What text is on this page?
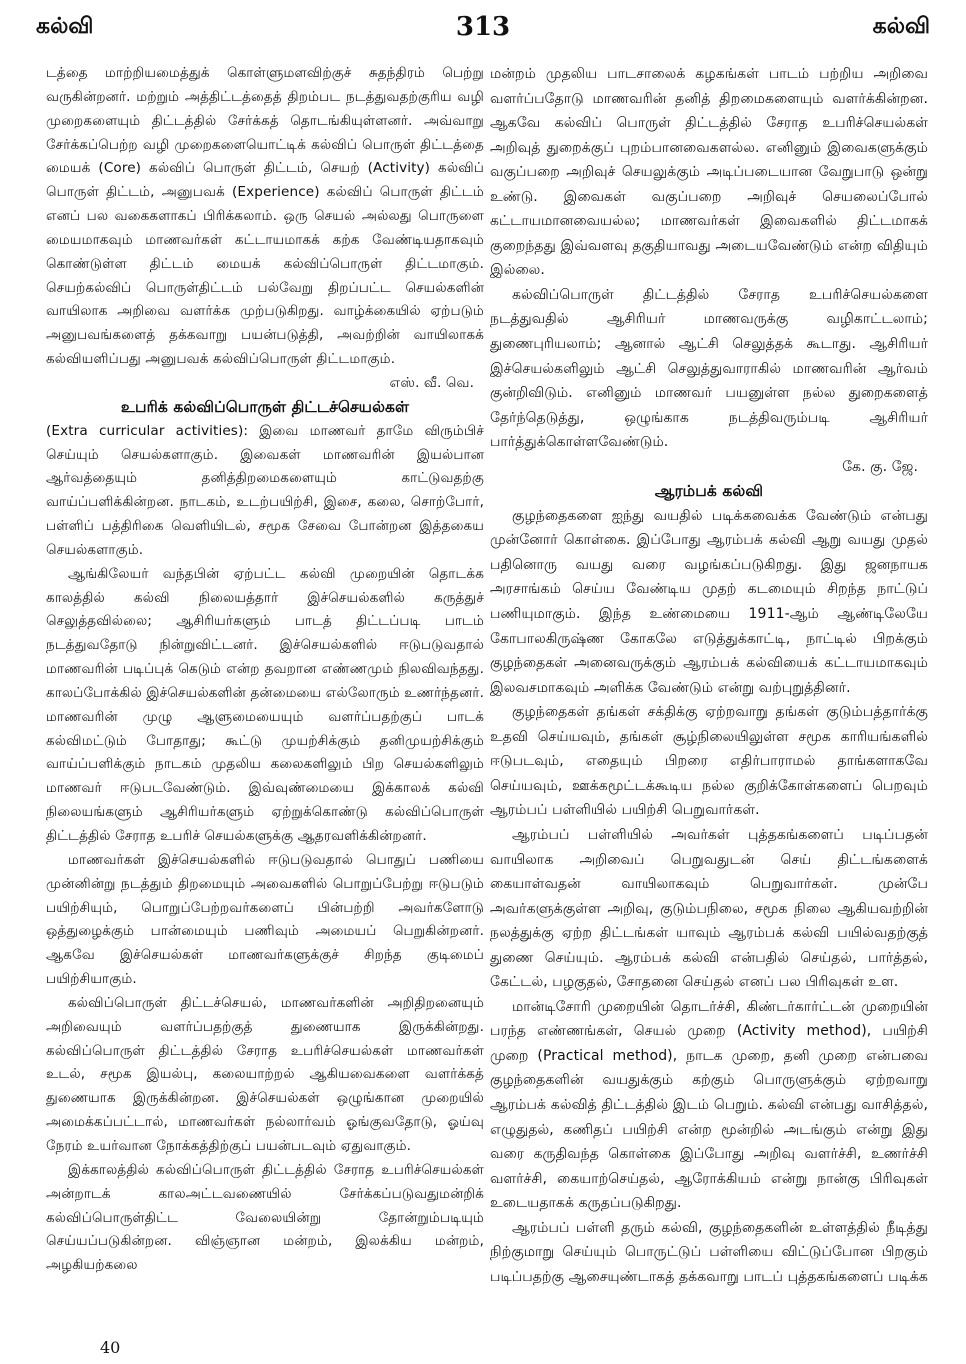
கல்வி	313	கல்வி

டத்தை மாற்றியமைத்துக் கொள்ளுமளவிற்குச் சுதந்திரம் பெற்று வருகின்றனர். மற்றும் அத்திட்டத்தைத் திறம்பட நடத்துவதற்குரிய வழி முறைகளையும் திட்டத்தில் சேர்க்கத் தொடங்கியுள்ளனர். அவ்வாறு சேர்க்கப்பெற்ற வழி முறைகளையொட்டிக் கல்விப் பொருள் திட்டத்தை மையக் (Core) கல்விப் பொருள் திட்டம், செயற் (Activity) கல்விப் பொருள் திட்டம், அனுபவக் (Experience) கல்விப் பொருள் திட்டம் எனப் பல வகைகளாகப் பிரிக்கலாம். ஒரு செயல் அல்லது பொருளை மையமாகவும் மாணவர்கள் கட்டாயமாகக் கற்க வேண்டியதாகவும் கொண்டுள்ள திட்டம் மையக் கல்விப்பொருள் திட்டமாகும். செயற்கல்விப் பொருள்திட்டம் பல்வேறு திறப்பட்ட செயல்களின் வாயிலாக அறிவை வளர்க்க முற்படுகிறது. வாழ்க்கையில் ஏற்படும் அனுபவங்களைத் தக்கவாறு பயன்படுத்தி, அவற்றின் வாயிலாகக் கல்வியளிப்பது அனுபவக் கல்விப்பொருள் திட்டமாகும்.

எஸ். வீ. வெ.

உபரிக் கல்விப்பொருள் திட்டச்செயல்கள்

(Extra curricular activities): இவை மாணவர் தாமே விரும்பிச் செய்யும் செயல்களாகும். இவைகள் மாணவரின் இயல்பான ஆர்வத்தையும் தனித்திறமைகளையும் காட்டுவதற்கு வாய்ப்பளிக்கின்றன. நாடகம், உடற்பயிற்சி, இசை, கலை, சொற்போர், பள்ளிப் பத்திரிகை வெளியிடல், சமூக சேவை போன்றன இத்தகைய செயல்களாகும்.

ஆங்கிலேயர் வந்தபின் ஏற்பட்ட கல்வி முறையின் தொடக்க காலத்தில் கல்வி நிலையத்தார் இச்செயல்களில் கருத்துச் செலுத்தவில்லை; ஆசிரியர்களும் பாடத் திட்டப்படி பாடம் நடத்துவதோடு நின்றுவிட்டனர். இச்செயல்களில் ஈடுபடுவதால் மாணவரின் படிப்புக் கெடும் என்ற தவறான எண்ணமும் நிலவிவந்தது. காலப்போக்கில் இச்செயல்களின் தன்மையை எல்லோரும் உணர்ந்தனர். மாணவரின் முழு ஆளுமையையும் வளர்ப்பதற்குப் பாடக் கல்விமட்டும் போதாது; கூட்டு முயற்சிக்கும் தனிமுயற்சிக்கும் வாய்ப்பளிக்கும் நாடகம் முதலிய கலைகளிலும் பிற செயல்களிலும் மாணவர் ஈடுபடவேண்டும். இவ்வுண்மையை இக்காலக் கல்வி நிலையங்களும் ஆசிரியர்களும் ஏற்றுக்கொண்டு கல்விப்பொருள் திட்டத்தில் சேராத உபரிச் செயல்களுக்கு ஆதரவளிக்கின்றனர்.

மாணவர்கள் இச்செயல்களில் ஈடுபடுவதால் பொதுப் பணியை முன்னின்று நடத்தும் திறமையும் அவைகளில் பொறுப்பேற்று ஈடுபடும் பயிற்சியும், பொறுப்பேற்றவர்களைப் பின்பற்றி அவர்களோடு ஒத்துழைக்கும் பான்மையும் பணிவும் அமையப் பெறுகின்றனர். ஆகவே இச்செயல்கள் மாணவர்களுக்குச் சிறந்த குடிமைப் பயிற்சியாகும்.

கல்விப்பொருள் திட்டச்செயல், மாணவர்களின் அறிதிறனையும் அறிவையும் வளர்ப்பதற்குத் துணையாக இருக்கின்றது. கல்விப்பொருள் திட்டத்தில் சேராத உபரிச்செயல்கள் மாணவர்கள் உடல், சமூக இயல்பு, கலையாற்றல் ஆகியவைகளை வளர்க்கத் துணையாக இருக்கின்றன. இச்செயல்கள் ஒழுங்கான முறையில் அமைக்கப்பட்டால், மாணவர்கள் நல்லார்வம் ஓங்குவதோடு, ஓய்வு நேரம் உயர்வான நோக்கத்திற்குப் பயன்படவும் ஏதுவாகும்.

இக்காலத்தில் கல்விப்பொருள் திட்டத்தில் சேராத உபரிச்செயல்கள் அன்றாடக் காலஅட்டவணையில் சேர்க்கப்படுவதுமன்றிக் கல்விப்பொருள்திட்ட வேலையின்று தோன்றும்படியும் செய்யப்படுகின்றன. விஞ்ஞான மன்றம், இலக்கிய மன்றம், அழகியற்கலை

மன்றம் முதலிய பாடசாலைக் கழகங்கள் பாடம் பற்றிய அறிவை வளர்ப்பதோடு மாணவரின் தனித் திறமைகளையும் வளர்க்கின்றன. ஆகவே கல்விப் பொருள் திட்டத்தில் சேராத உபரிச்செயல்கள் அறிவுத் துறைக்குப் புறம்பானவைகளல்ல. எனினும் இவைகளுக்கும் வகுப்பறை அறிவுச் செயலுக்கும் அடிப்படையான வேறுபாடு ஒன்று உண்டு. இவைகள் வகுப்பறை அறிவுச் செயலைப்போல் கட்டாயமானவையல்ல; மாணவர்கள் இவைகளில் திட்டமாகக் குறைந்தது இவ்வளவு தகுதியாவது அடையவேண்டும் என்ற விதியும் இல்லை.

கல்விப்பொருள் திட்டத்தில் சேராத உபரிச்செயல்களை நடத்துவதில் ஆசிரியர் மாணவருக்கு வழிகாட்டலாம்; துணைபுரியலாம்; ஆனால் ஆட்சி செலுத்தக் கூடாது. ஆசிரியர் இச்செயல்களிலும் ஆட்சி செலுத்துவாராகில் மாணவரின் ஆர்வம் குன்றிவிடும். எனினும் மாணவர் பயனுள்ள நல்ல துறைகளைத் தேர்ந்தெடுத்து, ஒழுங்காக நடத்திவரும்படி ஆசிரியர் பார்த்துக்கொள்ளவேண்டும்.

கே. கு. ஜே.

ஆரம்பக் கல்வி

குழந்தைகளை ஐந்து வயதில் படிக்கவைக்க வேண்டும் என்பது முன்னோர் கொள்கை. இப்போது ஆரம்பக் கல்வி ஆறு வயது முதல் பதினொரு வயது வரை வழங்கப்படுகிறது. இது ஜனநாயக அரசாங்கம் செய்ய வேண்டிய முதற் கடமையும் சிறந்த நாட்டுப் பணியுமாகும். இந்த உண்மையை 1911-ஆம் ஆண்டிலேயே கோபாலகிருஷ்ண கோகலே எடுத்துக்காட்டி, நாட்டில் பிறக்கும் குழந்தைகள் அனைவருக்கும் ஆரம்பக் கல்வியைக் கட்டாயமாகவும் இலவசமாகவும் அளிக்க வேண்டும் என்று வற்புறுத்தினர்.

குழந்தைகள் தங்கள் சக்திக்கு ஏற்றவாறு தங்கள் குடும்பத்தார்க்கு உதவி செய்யவும், தங்கள் சூழ்நிலையிலுள்ள சமூக காரியங்களில் ஈடுபடவும், எதையும் பிறரை எதிர்பாராமல் தாங்களாகவே செய்யவும், ஊக்கமூட்டக்கூடிய நல்ல குறிக்கோள்களைப் பெறவும் ஆரம்பப் பள்ளியில் பயிற்சி பெறுவார்கள்.

ஆரம்பப் பள்ளியில் அவர்கள் புத்தகங்களைப் படிப்பதன் வாயிலாக அறிவைப் பெறுவதுடன் செய் திட்டங்களைக் கையாள்வதன் வாயிலாகவும் பெறுவார்கள். முன்பே அவர்களுக்குள்ள அறிவு, குடும்பநிலை, சமூக நிலை ஆகியவற்றின் நலத்துக்கு ஏற்ற திட்டங்கள் யாவும் ஆரம்பக் கல்வி பயில்வதற்குத் துணை செய்யும். ஆரம்பக் கல்வி என்பதில் செய்தல், பார்த்தல், கேட்டல், பழகுதல், சோதனை செய்தல் எனப் பல பிரிவுகள் உள.

மான்டிசோரி முறையின் தொடர்ச்சி, கிண்டர்கார்ட்டன் முறையின் பரந்த எண்ணங்கள், செயல் முறை (Activity method), பயிற்சி முறை (Practical method), நாடக முறை, தனி முறை என்பவை குழந்தைகளின் வயதுக்கும் கற்கும் பொருளுக்கும் ஏற்றவாறு ஆரம்பக் கல்வித் திட்டத்தில் இடம் பெறும். கல்வி என்பது வாசித்தல், எழுதுதல், கணிதப் பயிற்சி என்ற மூன்றில் அடங்கும் என்று இது வரை கருதிவந்த கொள்கை இப்போது அறிவு வளர்ச்சி, உணர்ச்சி வளர்ச்சி, கையாற்செய்தல், ஆரோக்கியம் என்று நான்கு பிரிவுகள் உடையதாகக் கருதப்படுகிறது.

ஆரம்பப் பள்ளி தரும் கல்வி, குழந்தைகளின் உள்ளத்தில் நீடித்து நிற்குமாறு செய்யும் பொருட்டுப் பள்ளியை விட்டுப்போன பிறகும் படிப்பதற்கு ஆசையுண்டாகத் தக்கவாறு பாடப் புத்தகங்களைப் படிக்க

40
